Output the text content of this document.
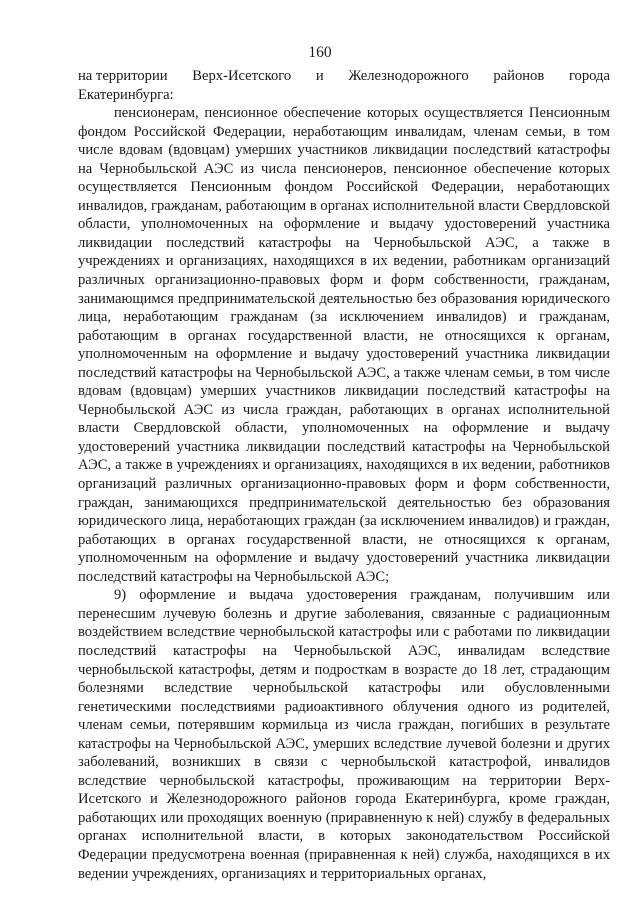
160
на территории Верх-Исетского и Железнодорожного районов города

Екатеринбурга:

пенсионерам, пенсионное обеспечение которых осуществляется Пенсионным фондом Российской Федерации, неработающим инвалидам, членам семьи, в том числе вдовам (вдовцам) умерших участников ликвидации последствий катастрофы на Чернобыльской АЭС из числа пенсионеров, пенсионное обеспечение которых осуществляется Пенсионным фондом Российской Федерации, неработающих инвалидов, гражданам, работающим в органах исполнительной власти Свердловской области, уполномоченных на оформление и выдачу удостоверений участника ликвидации последствий катастрофы на Чернобыльской АЭС, а также в учреждениях и организациях, находящихся в их ведении, работникам организаций различных организационно-правовых форм и форм собственности, гражданам, занимающимся предпринимательской деятельностью без образования юридического лица, неработающим гражданам (за исключением инвалидов) и гражданам, работающим в органах государственной власти, не относящихся к органам, уполномоченным на оформление и выдачу удостоверений участника ликвидации последствий катастрофы на Чернобыльской АЭС, а также членам семьи, в том числе вдовам (вдовцам) умерших участников ликвидации последствий катастрофы на Чернобыльской АЭС из числа граждан, работающих в органах исполнительной власти Свердловской области, уполномоченных на оформление и выдачу удостоверений участника ликвидации последствий катастрофы на Чернобыльской АЭС, а также в учреждениях и организациях, находящихся в их ведении, работников организаций различных организационно-правовых форм и форм собственности, граждан, занимающихся предпринимательской деятельностью без образования юридического лица, неработающих граждан (за исключением инвалидов) и граждан, работающих в органах государственной власти, не относящихся к органам, уполномоченным на оформление и выдачу удостоверений участника ликвидации последствий катастрофы на Чернобыльской АЭС;

9) оформление и выдача удостоверения гражданам, получившим или перенесшим лучевую болезнь и другие заболевания, связанные с радиационным воздействием вследствие чернобыльской катастрофы или с работами по ликвидации последствий катастрофы на Чернобыльской АЭС, инвалидам вследствие чернобыльской катастрофы, детям и подросткам в возрасте до 18 лет, страдающим болезнями вследствие чернобыльской катастрофы или обусловленными генетическими последствиями радиоактивного облучения одного из родителей, членам семьи, потерявшим кормильца из числа граждан, погибших в результате катастрофы на Чернобыльской АЭС, умерших вследствие лучевой болезни и других заболеваний, возникших в связи с чернобыльской катастрофой, инвалидов вследствие чернобыльской катастрофы, проживающим на территории Верх-Исетского и Железнодорожного районов города Екатеринбурга, кроме граждан, работающих или проходящих военную (приравненную к ней) службу в федеральных органах исполнительной власти, в которых законодательством Российской Федерации предусмотрена военная (приравненная к ней) служба, находящихся в их ведении учреждениях, организациях и территориальных органах,
